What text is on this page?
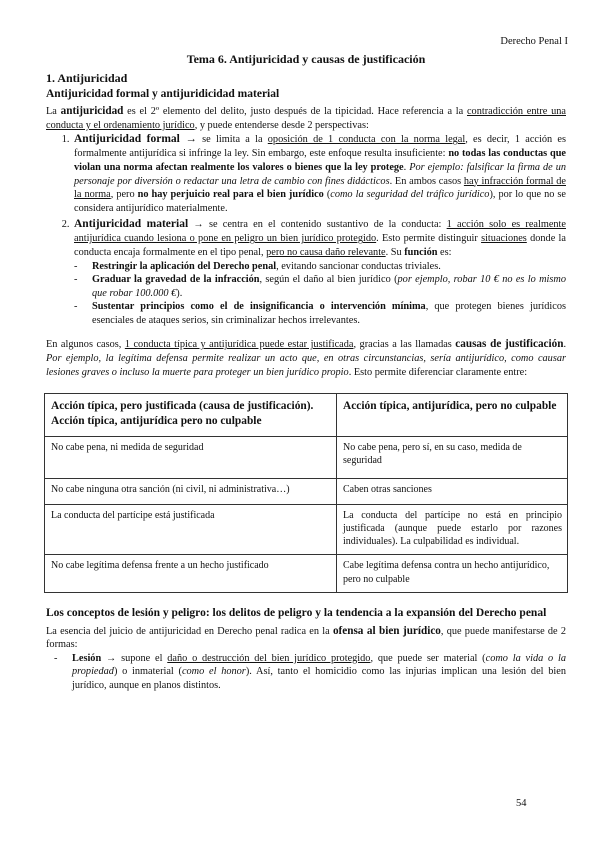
Derecho Penal I
Tema 6. Antijuricidad y causas de justificación
1. Antijuricidad
Antijuricidad formal y antijuridicidad material

La antijuricidad es el 2º elemento del delito, justo después de la tipicidad. Hace referencia a la contradicción entre una conducta y el ordenamiento jurídico, y puede entenderse desde 2 perspectivas:

1. Antijuricidad formal → se limita a la oposición de 1 conducta con la norma legal, es decir, 1 acción es formalmente antijurídica si infringe la ley. Sin embargo, este enfoque resulta insuficiente: no todas las conductas que violan una norma afectan realmente los valores o bienes que la ley protege. Por ejemplo: falsificar la firma de un personaje por diversión o redactar una letra de cambio con fines didácticos. En ambos casos hay infracción formal de la norma, pero no hay perjuicio real para el bien jurídico (como la seguridad del tráfico jurídico), por lo que no se considera antijurídico materialmente.
2. Antijuricidad material → se centra en el contenido sustantivo de la conducta: 1 acción solo es realmente antijurídica cuando lesiona o pone en peligro un bien jurídico protegido. Esto permite distinguir situaciones donde la conducta encaja formalmente en el tipo penal, pero no causa daño relevante. Su función es:
- Restringir la aplicación del Derecho penal, evitando sancionar conductas triviales.
- Graduar la gravedad de la infracción, según el daño al bien jurídico (por ejemplo, robar 10 € no es lo mismo que robar 100.000 €).
- Sustentar principios como el de insignificancia o intervención mínima, que protegen bienes jurídicos esenciales de ataques serios, sin criminalizar hechos irrelevantes.

En algunos casos, 1 conducta típica y antijurídica puede estar justificada, gracias a las llamadas causas de justificación. Por ejemplo, la legítima defensa permite realizar un acto que, en otras circunstancias, sería antijurídico, como causar lesiones graves o incluso la muerte para proteger un bien jurídico propio. Esto permite diferenciar claramente entre:

Acción típica, pero justificada (causa de justificación). Acción típica, antijurídica pero no culpable	Acción típica, antijurídica, pero no culpable
No cabe pena, ni medida de seguridad	No cabe pena, pero sí, en su caso, medida de seguridad
No cabe ninguna otra sanción (ni civil, ni administrativa…)	Caben otras sanciones
La conducta del partícipe está justificada	La conducta del partícipe no está en principio justificada (aunque puede estarlo por razones individuales). La culpabilidad es individual.
No cabe legítima defensa frente a un hecho justificado	Cabe legítima defensa contra un hecho antijurídico, pero no culpable
Los conceptos de lesión y peligro: los delitos de peligro y la tendencia a la expansión del Derecho penal

La esencia del juicio de antijuricidad en Derecho penal radica en la ofensa al bien jurídico, que puede manifestarse de 2 formas:

- Lesión → supone el daño o destrucción del bien jurídico protegido, que puede ser material (como la vida o la propiedad) o inmaterial (como el honor). Así, tanto el homicidio como las injurias implican una lesión del bien jurídico, aunque en planos distintos.
54
